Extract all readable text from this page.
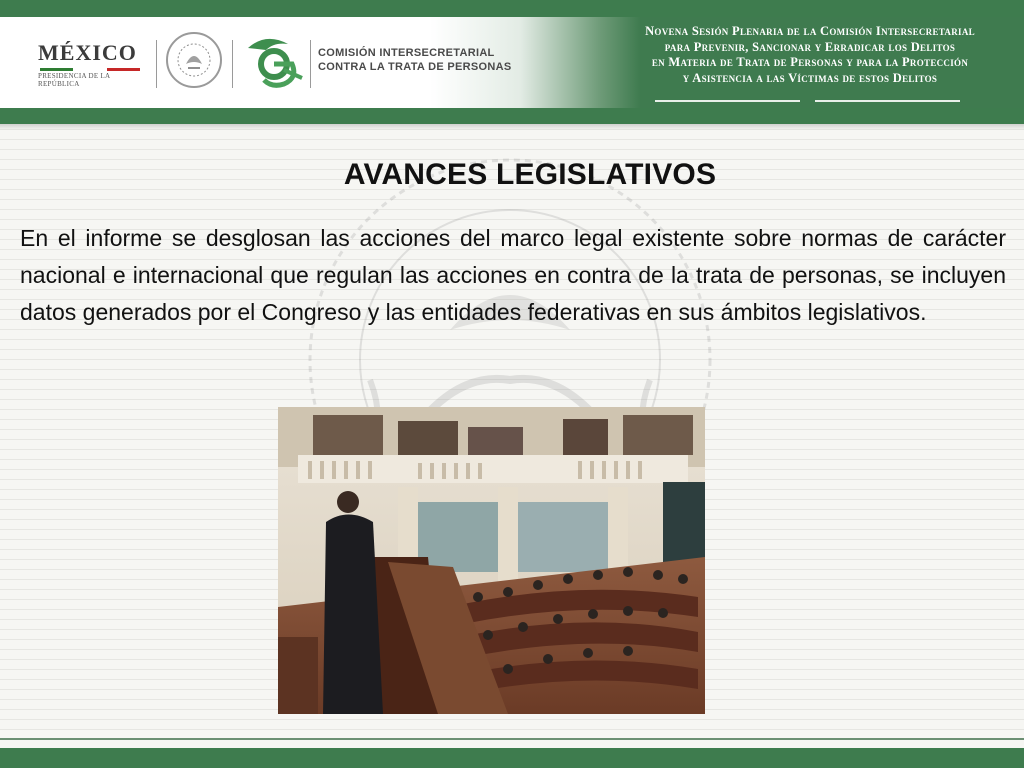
MÉXICO
PRESIDENCIA DE LA REPÚBLICA
COMISIÓN INTERSECRETARIAL
CONTRA LA TRATA DE PERSONAS
Novena Sesión Plenaria de la Comisión Intersecretarial
para Prevenir, Sancionar y Erradicar los Delitos
en Materia de Trata de Personas y para la Protección
y Asistencia a las Víctimas de estos Delitos
AVANCES LEGISLATIVOS

En el informe se desglosan las acciones del marco legal existente sobre normas de carácter nacional e internacional que regulan las acciones en contra de la trata de personas, se incluyen datos generados por el Congreso y las entidades federativas en sus ámbitos legislativos.
